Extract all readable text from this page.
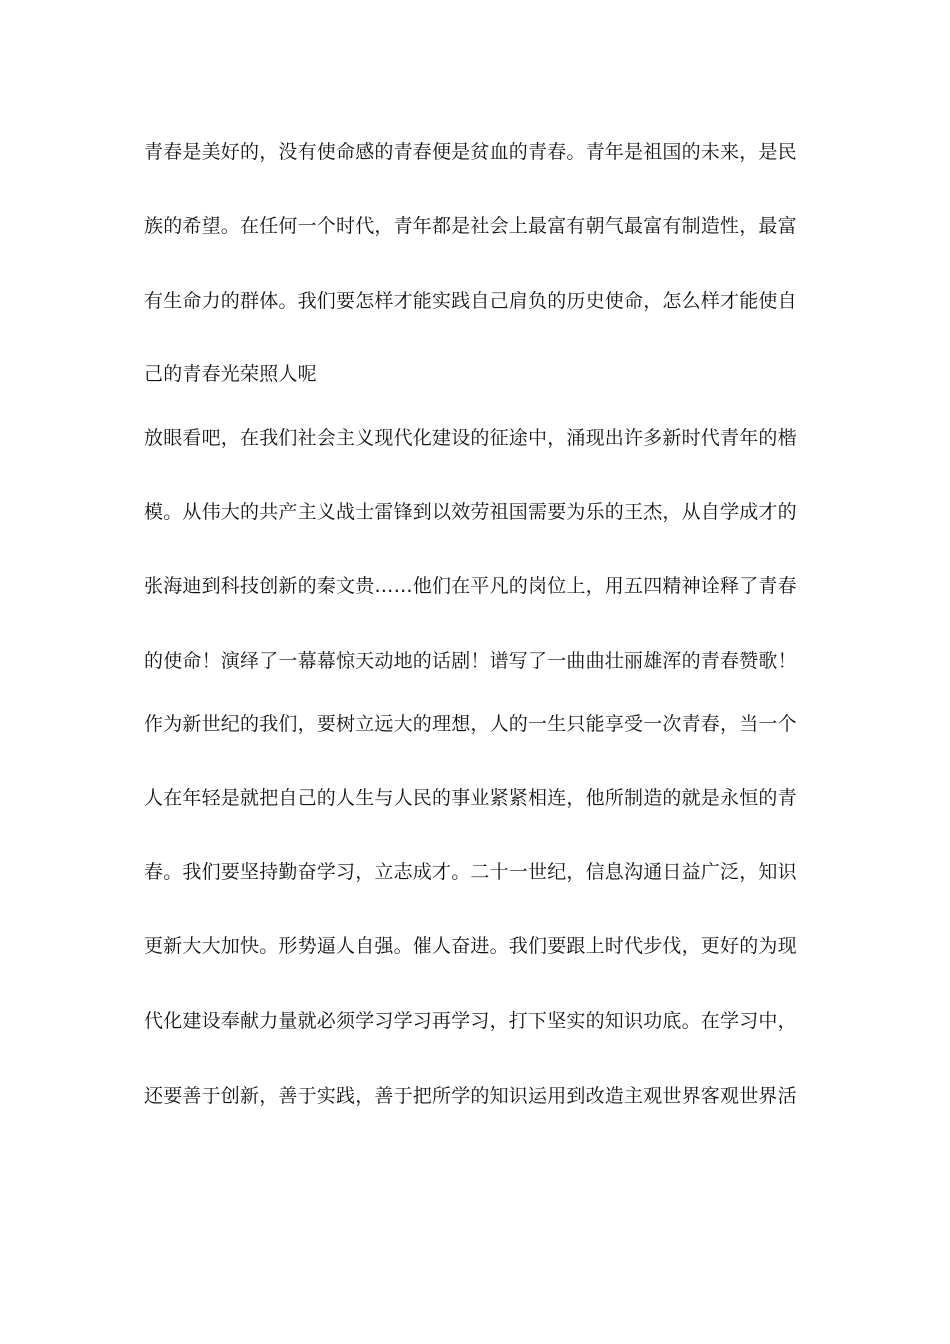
青春是美好的，没有使命感的青春便是贫血的青春。青年是祖国的未来，是民
族的希望。在任何一个时代，青年都是社会上最富有朝气最富有制造性，最富
有生命力的群体。我们要怎样才能实践自己肩负的历史使命，怎么样才能使自
己的青春光荣照人呢
放眼看吧，在我们社会主义现代化建设的征途中，涌现出许多新时代青年的楷
模。从伟大的共产主义战士雷锋到以效劳祖国需要为乐的王杰，从自学成才的
张海迪到科技创新的秦文贵……他们在平凡的岗位上，用五四精神诠释了青春
的使命！演绎了一幕幕惊天动地的话剧！谱写了一曲曲壮丽雄浑的青春赞歌！
作为新世纪的我们，要树立远大的理想，人的一生只能享受一次青春，当一个
人在年轻是就把自己的人生与人民的事业紧紧相连，他所制造的就是永恒的青
春。我们要坚持勤奋学习，立志成才。二十一世纪，信息沟通日益广泛，知识
更新大大加快。形势逼人自强。催人奋进。我们要跟上时代步伐，更好的为现
代化建设奉献力量就必须学习学习再学习，打下坚实的知识功底。在学习中，
还要善于创新，善于实践，善于把所学的知识运用到改造主观世界客观世界活
